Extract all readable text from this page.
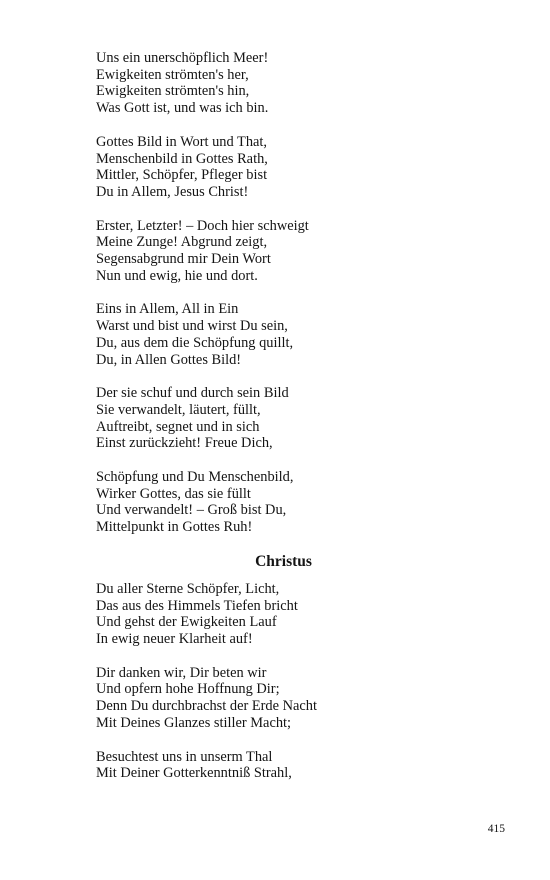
Uns ein unerschöpflich Meer!
Ewigkeiten strömten's her,
Ewigkeiten strömten's hin,
Was Gott ist, und was ich bin.
Gottes Bild in Wort und That,
Menschenbild in Gottes Rath,
Mittler, Schöpfer, Pfleger bist
Du in Allem, Jesus Christ!
Erster, Letzter! – Doch hier schweigt
Meine Zunge! Abgrund zeigt,
Segensabgrund mir Dein Wort
Nun und ewig, hie und dort.
Eins in Allem, All in Ein
Warst und bist und wirst Du sein,
Du, aus dem die Schöpfung quillt,
Du, in Allen Gottes Bild!
Der sie schuf und durch sein Bild
Sie verwandelt, läutert, füllt,
Auftreibt, segnet und in sich
Einst zurückzieht! Freue Dich,
Schöpfung und Du Menschenbild,
Wirker Gottes, das sie füllt
Und verwandelt! – Groß bist Du,
Mittelpunkt in Gottes Ruh!
Christus
Du aller Sterne Schöpfer, Licht,
Das aus des Himmels Tiefen bricht
Und gehst der Ewigkeiten Lauf
In ewig neuer Klarheit auf!
Dir danken wir, Dir beten wir
Und opfern hohe Hoffnung Dir;
Denn Du durchbrachst der Erde Nacht
Mit Deines Glanzes stiller Macht;
Besuchtest uns in unserm Thal
Mit Deiner Gotterkenntniß Strahl,
415
